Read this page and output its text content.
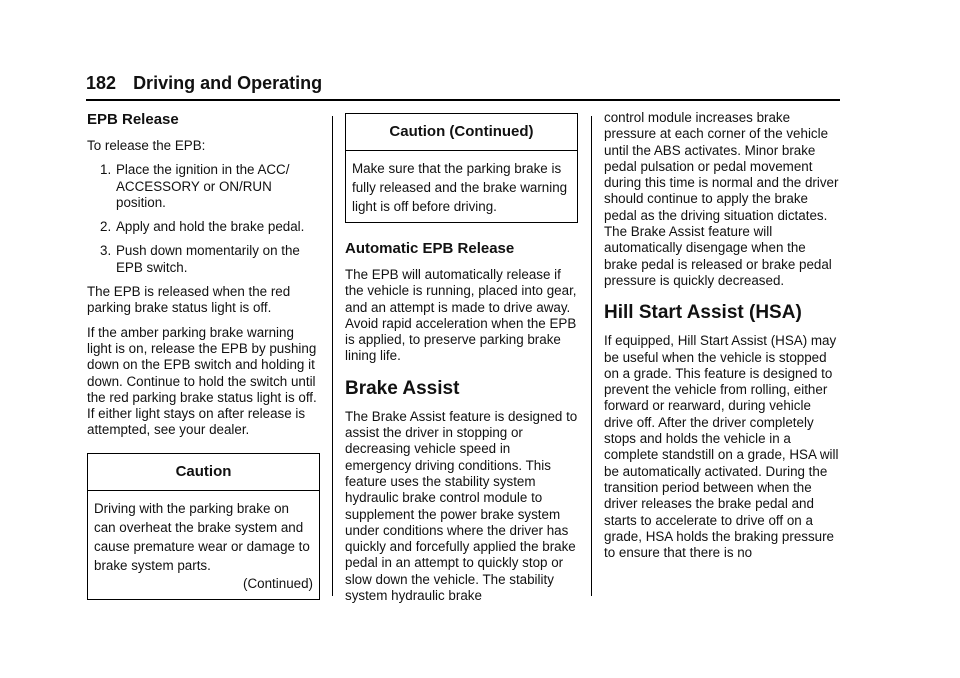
182 Driving and Operating
EPB Release

To release the EPB:

1. Place the ignition in the ACC/ ACCESSORY or ON/RUN position.
2. Apply and hold the brake pedal.
3. Push down momentarily on the EPB switch.

The EPB is released when the red parking brake status light is off.

If the amber parking brake warning light is on, release the EPB by pushing down on the EPB switch and holding it down. Continue to hold the switch until the red parking brake status light is off. If either light stays on after release is attempted, see your dealer.

Caution
Driving with the parking brake on can overheat the brake system and cause premature wear or damage to brake system parts.
(Continued)
Caution (Continued)
Make sure that the parking brake is fully released and the brake warning light is off before driving.
Automatic EPB Release

The EPB will automatically release if the vehicle is running, placed into gear, and an attempt is made to drive away. Avoid rapid acceleration when the EPB is applied, to preserve parking brake lining life.

Brake Assist

The Brake Assist feature is designed to assist the driver in stopping or decreasing vehicle speed in emergency driving conditions. This feature uses the stability system hydraulic brake control module to supplement the power brake system under conditions where the driver has quickly and forcefully applied the brake pedal in an attempt to quickly stop or slow down the vehicle. The stability system hydraulic brake

control module increases brake pressure at each corner of the vehicle until the ABS activates. Minor brake pedal pulsation or pedal movement during this time is normal and the driver should continue to apply the brake pedal as the driving situation dictates. The Brake Assist feature will automatically disengage when the brake pedal is released or brake pedal pressure is quickly decreased.

Hill Start Assist (HSA)

If equipped, Hill Start Assist (HSA) may be useful when the vehicle is stopped on a grade. This feature is designed to prevent the vehicle from rolling, either forward or rearward, during vehicle drive off. After the driver completely stops and holds the vehicle in a complete standstill on a grade, HSA will be automatically activated. During the transition period between when the driver releases the brake pedal and starts to accelerate to drive off on a grade, HSA holds the braking pressure to ensure that there is no
